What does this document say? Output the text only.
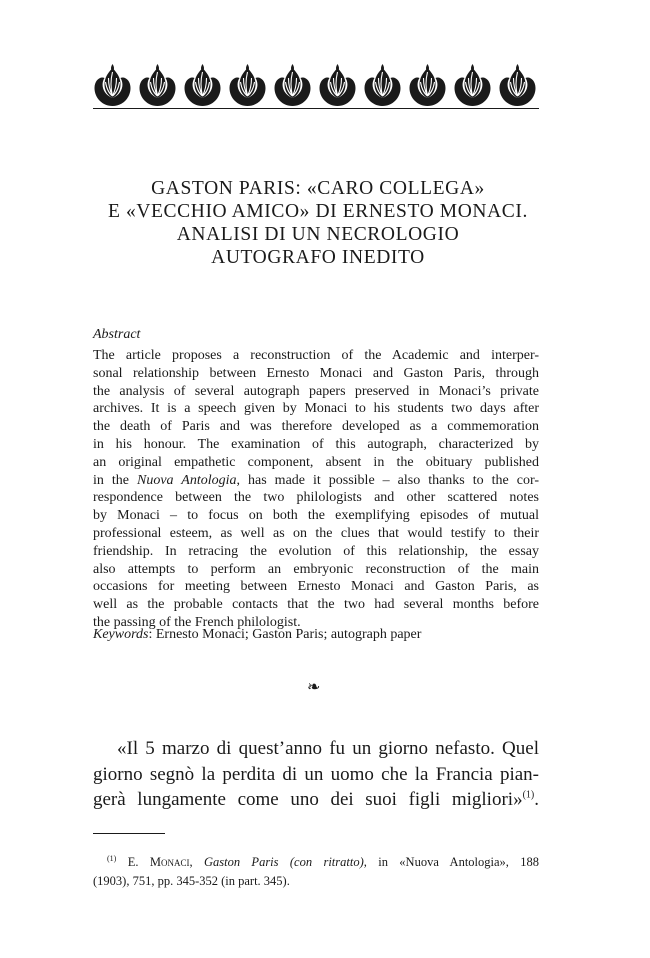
GASTON PARIS: «CARO COLLEGA»
E «VECCHIO AMICO» DI ERNESTO MONACI.
ANALISI DI UN NECROLOGIO
AUTOGRAFO INEDITO
Abstract
The article proposes a reconstruction of the Academic and interper-
sonal relationship between Ernesto Monaci and Gaston Paris, through
the analysis of several autograph papers preserved in Monaci’s private
archives. It is a speech given by Monaci to his students two days after
the death of Paris and was therefore developed as a commemoration
in his honour. The examination of this autograph, characterized by
an original empathetic component, absent in the obituary published
in the Nuova Antologia, has made it possible – also thanks to the cor-
respondence between the two philologists and other scattered notes
by Monaci – to focus on both the exemplifying episodes of mutual
professional esteem, as well as on the clues that would testify to their
friendship. In retracing the evolution of this relationship, the essay
also attempts to perform an embryonic reconstruction of the main
occasions for meeting between Ernesto Monaci and Gaston Paris, as
well as the probable contacts that the two had several months before
the passing of the French philologist.
Keywords: Ernesto Monaci; Gaston Paris; autograph paper
❧
«Il 5 marzo di quest’anno fu un giorno nefasto. Quel
giorno segnò la perdita di un uomo che la Francia pian-
gerà lungamente come uno dei suoi figli migliori»$^{(1)}$.
$^{(1)}$ E. Monaci, Gaston Paris (con ritratto), in «Nuova Antologia», 188
(1903), 751, pp. 345-352 (in part. 345).
